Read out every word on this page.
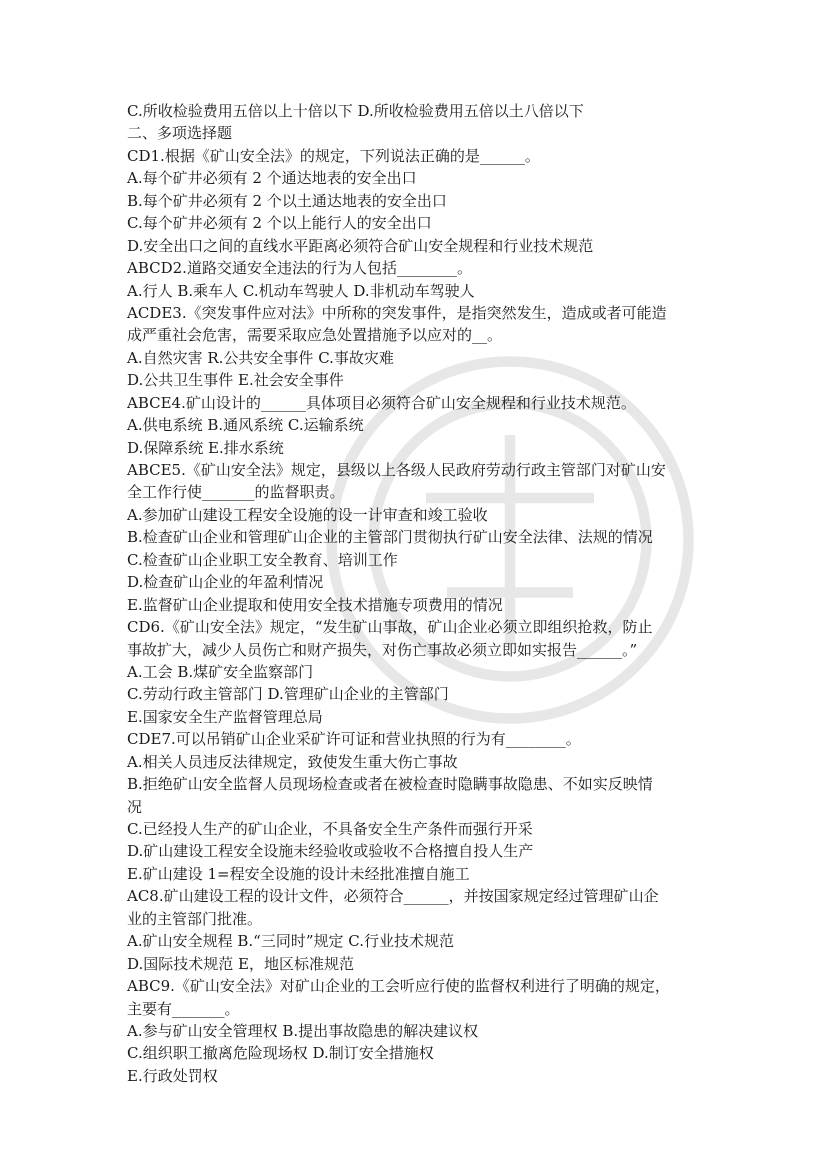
C.所收检验费用五倍以上十倍以下 D.所收检验费用五倍以土八倍以下
二、多项选择题
CD1.根据《矿山安全法》的规定，下列说法正确的是______。
A.每个矿井必须有 2 个通达地表的安全出口
B.每个矿井必须有 2 个以土通达地表的安全出口
C.每个矿井必须有 2 个以上能行人的安全出口
D.安全出口之间的直线水平距离必须符合矿山安全规程和行业技术规范
ABCD2.道路交通安全违法的行为人包括________。
A.行人 B.乘车人 C.机动车驾驶人 D.非机动车驾驶人
ACDE3.《突发事件应对法》中所称的突发事件，是指突然发生，造成或者可能造
成严重社会危害，需要采取应急处置措施予以应对的__。
A.自然灾害 R.公共安全事件 C.事故灾难
D.公共卫生事件 E.社会安全事件
ABCE4.矿山设计的______具体项目必须符合矿山安全规程和行业技术规范。
A.供电系统 B.通风系统 C.运输系统
D.保障系统 E.排水系统
ABCE5.《矿山安全法》规定，县级以上各级人民政府劳动行政主管部门对矿山安
全工作行使_______的监督职责。
A.参加矿山建设工程安全设施的设一计审查和竣工验收
B.检查矿山企业和管理矿山企业的主管部门贯彻执行矿山安全法律、法规的情况
C.检查矿山企业职工安全教育、培训工作
D.检查矿山企业的年盈利情况
E.监督矿山企业提取和使用安全技术措施专项费用的情况
CD6.《矿山安全法》规定，“发生矿山事故，矿山企业必须立即组织抢救，防止
事故扩大，减少人员伤亡和财产损失，对伤亡事故必须立即如实报告______。”
A.工会 B.煤矿安全监察部门
C.劳动行政主管部门 D.管理矿山企业的主管部门
E.国家安全生产监督管理总局
CDE7.可以吊销矿山企业采矿许可证和营业执照的行为有________。
A.相关人员违反法律规定，致使发生重大伤亡事故
B.拒绝矿山安全监督人员现场检查或者在被检查时隐瞒事故隐患、不如实反映情
况
C.已经投人生产的矿山企业，不具备安全生产条件而强行开采
D.矿山建设工程安全设施未经验收或验收不合格擅自投人生产
E.矿山建设 1=程安全设施的设计未经批准擅自施工
AC8.矿山建设工程的设计文件，必须符合______，并按国家规定经过管理矿山企
业的主管部门批准。
A.矿山安全规程 B.“三同时”规定 C.行业技术规范
D.国际技术规范 E，地区标准规范
ABC9.《矿山安全法》对矿山企业的工会听应行使的监督权利进行了明确的规定，
主要有_______。
A.参与矿山安全管理权 B.提出事故隐患的解决建议权
C.组织职工撤离危险现场权 D.制订安全措施权
E.行政处罚权
